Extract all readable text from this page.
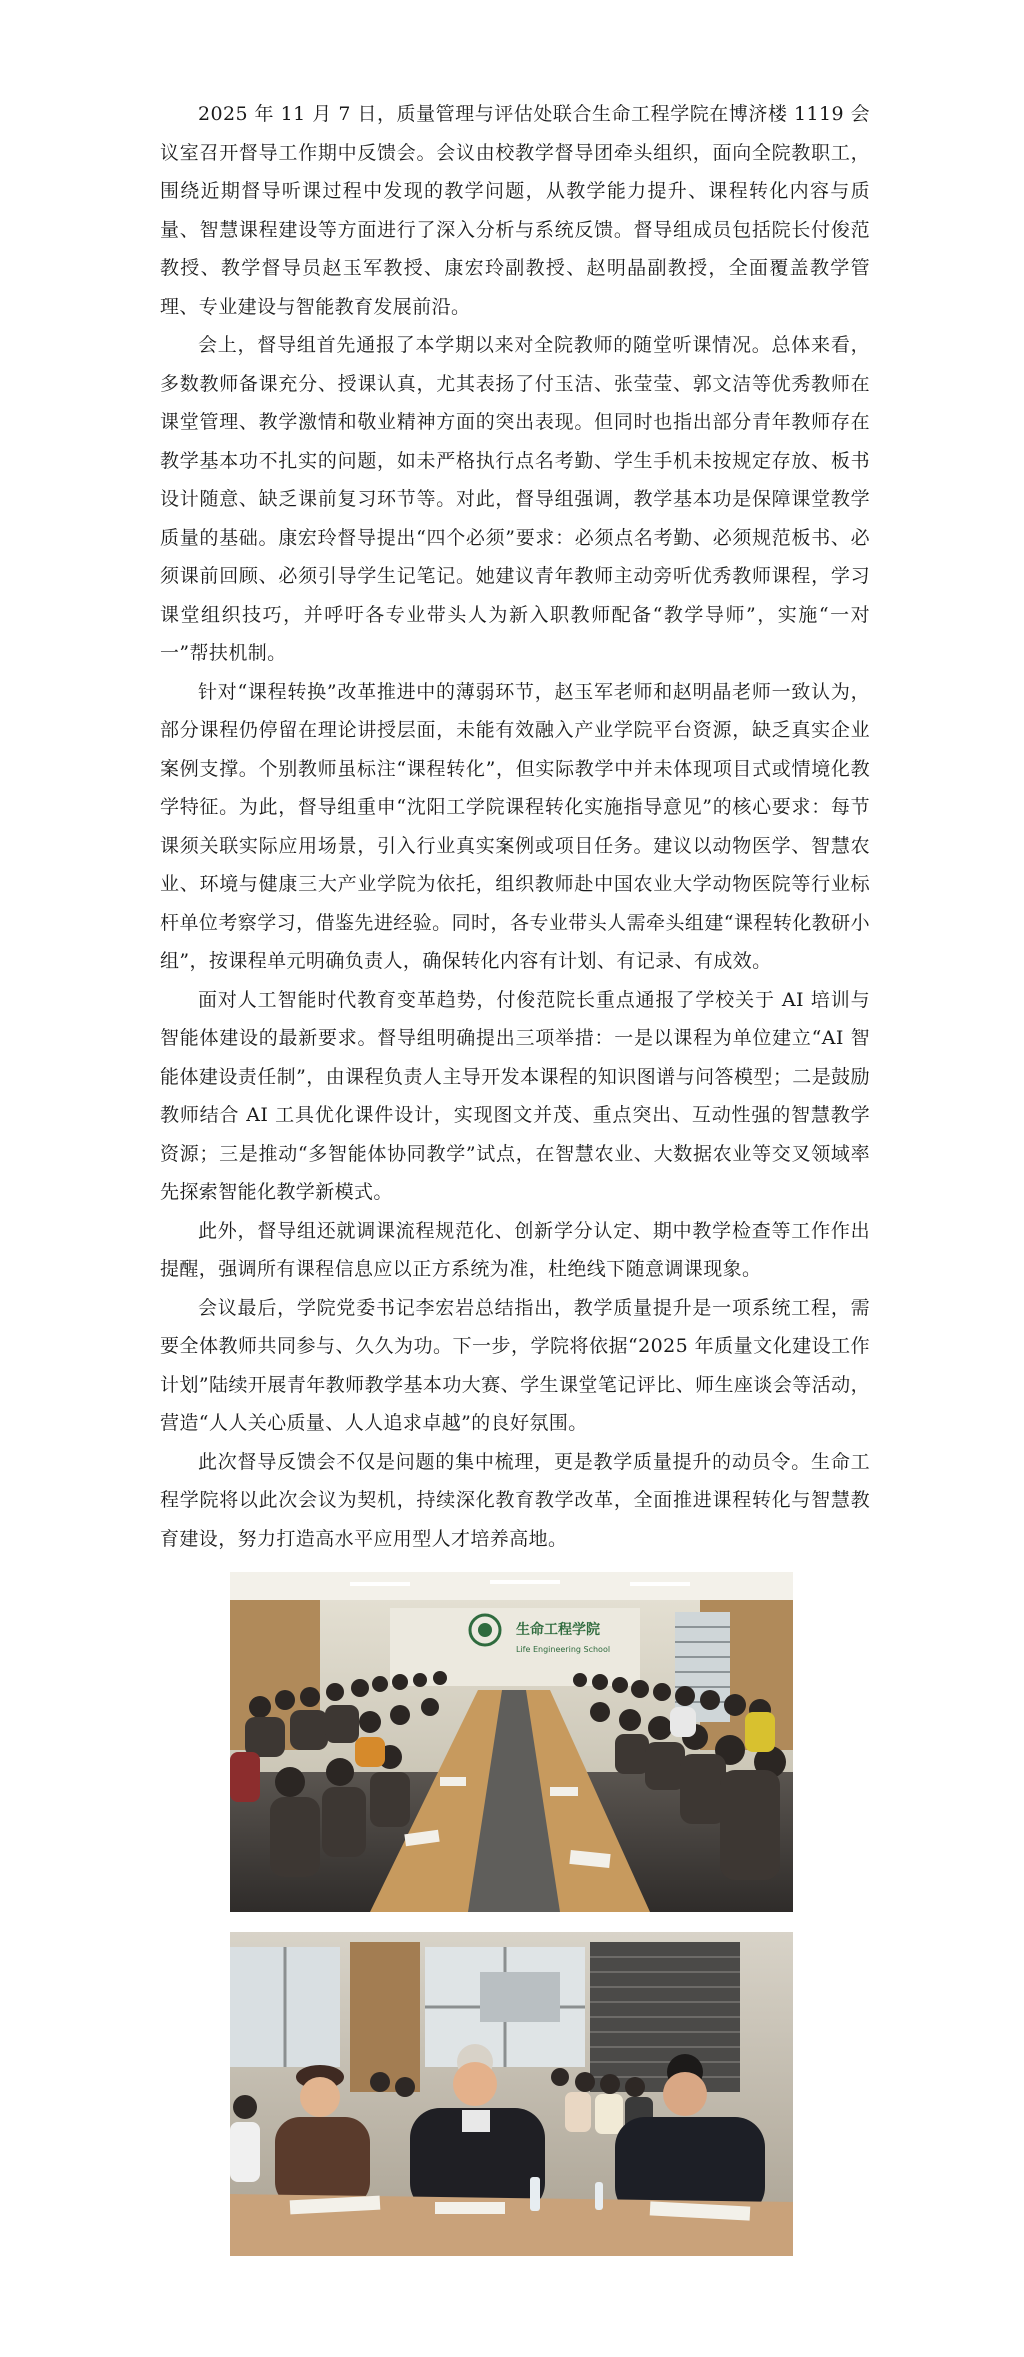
2025 年 11 月 7 日，质量管理与评估处联合生命工程学院在博济楼 1119 会议室召开督导工作期中反馈会。会议由校教学督导团牵头组织，面向全院教职工，围绕近期督导听课过程中发现的教学问题，从教学能力提升、课程转化内容与质量、智慧课程建设等方面进行了深入分析与系统反馈。督导组成员包括院长付俊范教授、教学督导员赵玉军教授、康宏玲副教授、赵明晶副教授，全面覆盖教学管理、专业建设与智能教育发展前沿。

会上，督导组首先通报了本学期以来对全院教师的随堂听课情况。总体来看，多数教师备课充分、授课认真，尤其表扬了付玉洁、张莹莹、郭文洁等优秀教师在课堂管理、教学激情和敬业精神方面的突出表现。但同时也指出部分青年教师存在教学基本功不扎实的问题，如未严格执行点名考勤、学生手机未按规定存放、板书设计随意、缺乏课前复习环节等。对此，督导组强调，教学基本功是保障课堂教学质量的基础。康宏玲督导提出“四个必须”要求：必须点名考勤、必须规范板书、必须课前回顾、必须引导学生记笔记。她建议青年教师主动旁听优秀教师课程，学习课堂组织技巧，并呼吁各专业带头人为新入职教师配备“教学导师”，实施“一对一”帮扶机制。

针对“课程转换”改革推进中的薄弱环节，赵玉军老师和赵明晶老师一致认为，部分课程仍停留在理论讲授层面，未能有效融入产业学院平台资源，缺乏真实企业案例支撑。个别教师虽标注“课程转化”，但实际教学中并未体现项目式或情境化教学特征。为此，督导组重申“沈阳工学院课程转化实施指导意见”的核心要求：每节课须关联实际应用场景，引入行业真实案例或项目任务。建议以动物医学、智慧农业、环境与健康三大产业学院为依托，组织教师赴中国农业大学动物医院等行业标杆单位考察学习，借鉴先进经验。同时，各专业带头人需牵头组建“课程转化教研小组”，按课程单元明确负责人，确保转化内容有计划、有记录、有成效。

面对人工智能时代教育变革趋势，付俊范院长重点通报了学校关于 AI 培训与智能体建设的最新要求。督导组明确提出三项举措：一是以课程为单位建立“AI 智能体建设责任制”，由课程负责人主导开发本课程的知识图谱与问答模型；二是鼓励教师结合 AI 工具优化课件设计，实现图文并茂、重点突出、互动性强的智慧教学资源；三是推动“多智能体协同教学”试点，在智慧农业、大数据农业等交叉领域率先探索智能化教学新模式。

此外，督导组还就调课流程规范化、创新学分认定、期中教学检查等工作作出提醒，强调所有课程信息应以正方系统为准，杜绝线下随意调课现象。

会议最后，学院党委书记李宏岩总结指出，教学质量提升是一项系统工程，需要全体教师共同参与、久久为功。下一步，学院将依据“2025 年质量文化建设工作计划”陆续开展青年教师教学基本功大赛、学生课堂笔记评比、师生座谈会等活动，营造“人人关心质量、人人追求卓越”的良好氛围。

此次督导反馈会不仅是问题的集中梳理，更是教学质量提升的动员令。生命工程学院将以此次会议为契机，持续深化教育教学改革，全面推进课程转化与智慧教育建设，努力打造高水平应用型人才培养高地。

生命工程学院
Life Engineering School
